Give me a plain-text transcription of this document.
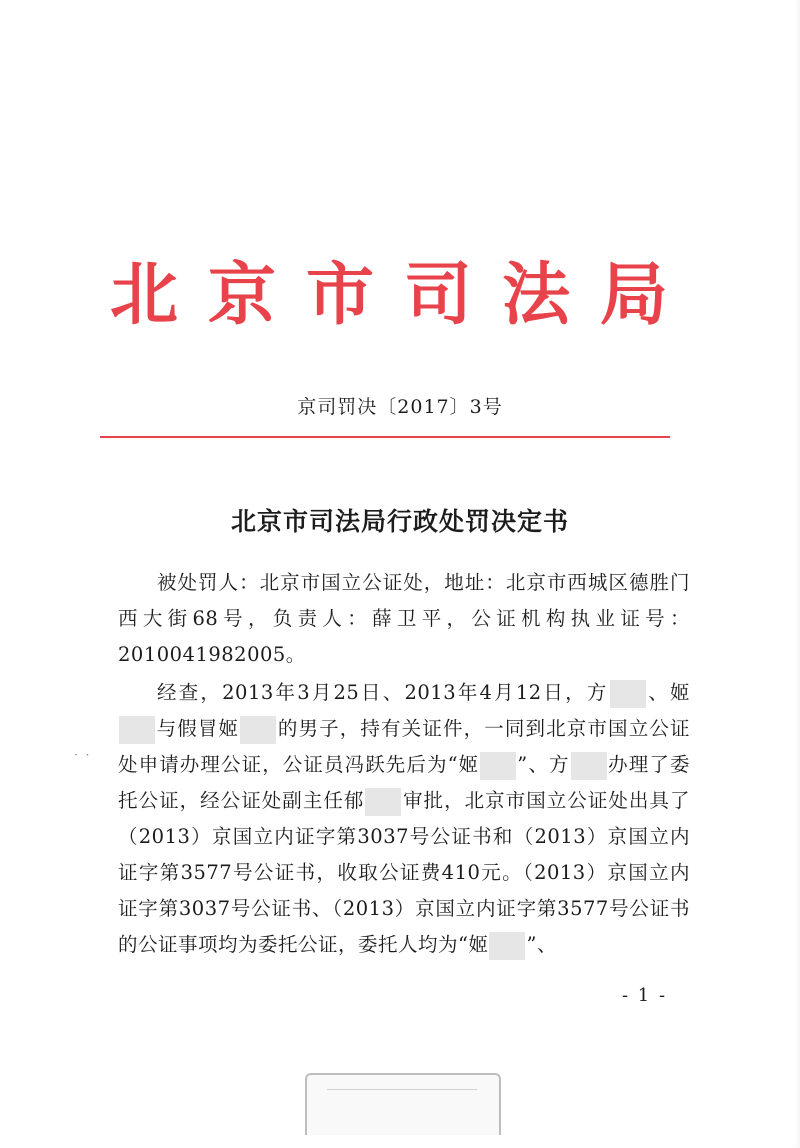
北 京 市 司 法 局
京司罚决〔2017〕3号
北京市司法局行政处罚决定书

被处罚人：北京市国立公证处，地址：北京市西城区德胜门西大街68号，负责人：薛卫平，公证机构执业证号：2010041982005。

经查，2013年3月25日、2013年4月12日，方 、姬与假冒姬 的男子，持有关证件，一同到北京市国立公证处申请办理公证，公证员冯跃先后为“姬 ”、方 办理了委托公证，经公证处副主任郁 审批，北京市国立公证处出具了（2013）京国立内证字第3037号公证书和（2013）京国立内证字第3577号公证书，收取公证费410元。（2013）京国立内证字第3037号公证书、（2013）京国立内证字第3577号公证书的公证事项均为委托公证，委托人均为“姬 ”、

· ·
- 1 -
